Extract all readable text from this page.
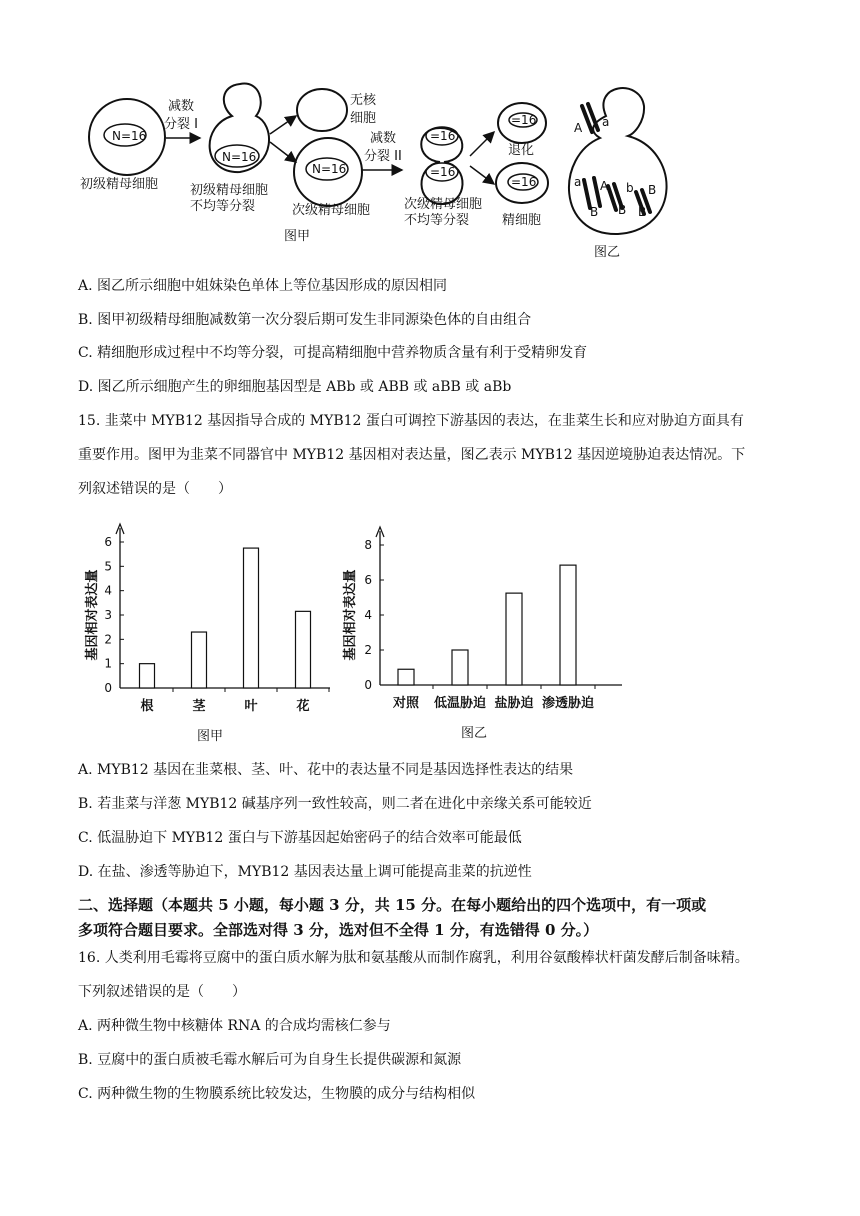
N=16
初级精母细胞
减数
分裂 I
N=16
初级精母细胞
不均等分裂
无核
细胞
N=16
次级精母细胞
减数
分裂 II
=16
=16
次级精母细胞
不均等分裂
=16
退化
=16
精细胞
图甲
图乙
A a
a A
B B
b B
B
A. 图乙所示细胞中姐妹染色单体上等位基因形成的原因相同
B. 图甲初级精母细胞减数第一次分裂后期可发生非同源染色体的自由组合
C. 精细胞形成过程中不均等分裂，可提高精细胞中营养物质含量有利于受精卵发育
D. 图乙所示细胞产生的卵细胞基因型是 ABb 或 ABB 或 aBB 或 aBb
15. 韭菜中 MYB12 基因指导合成的 MYB12 蛋白可调控下游基因的表达，在韭菜生长和应对胁迫方面具有
重要作用。图甲为韭菜不同器官中 MYB12 基因相对表达量，图乙表示 MYB12 基因逆境胁迫表达情况。下
列叙述错误的是（　　）
0
1
2
3
4
5
6
根	茎	叶	花
基因相对表达量
图甲
0
2
4
6
8
对照 低温胁迫 盐胁迫 渗透胁迫
基因相对表达量
图乙
A. MYB12 基因在韭菜根、茎、叶、花中的表达量不同是基因选择性表达的结果
B. 若韭菜与洋葱 MYB12 碱基序列一致性较高，则二者在进化中亲缘关系可能较近
C. 低温胁迫下 MYB12 蛋白与下游基因起始密码子的结合效率可能最低
D. 在盐、渗透等胁迫下，MYB12 基因表达量上调可能提高韭菜的抗逆性
二、选择题（本题共 5 小题，每小题 3 分，共 15 分。在每小题给出的四个选项中，有一项或
多项符合题目要求。全部选对得 3 分，选对但不全得 1 分，有选错得 0 分。）
16. 人类利用毛霉将豆腐中的蛋白质水解为肽和氨基酸从而制作腐乳，利用谷氨酸棒状杆菌发酵后制备味精。
下列叙述错误的是（　　）
A. 两种微生物中核糖体 RNA 的合成均需核仁参与
B. 豆腐中的蛋白质被毛霉水解后可为自身生长提供碳源和氮源
C. 两种微生物的生物膜系统比较发达，生物膜的成分与结构相似
